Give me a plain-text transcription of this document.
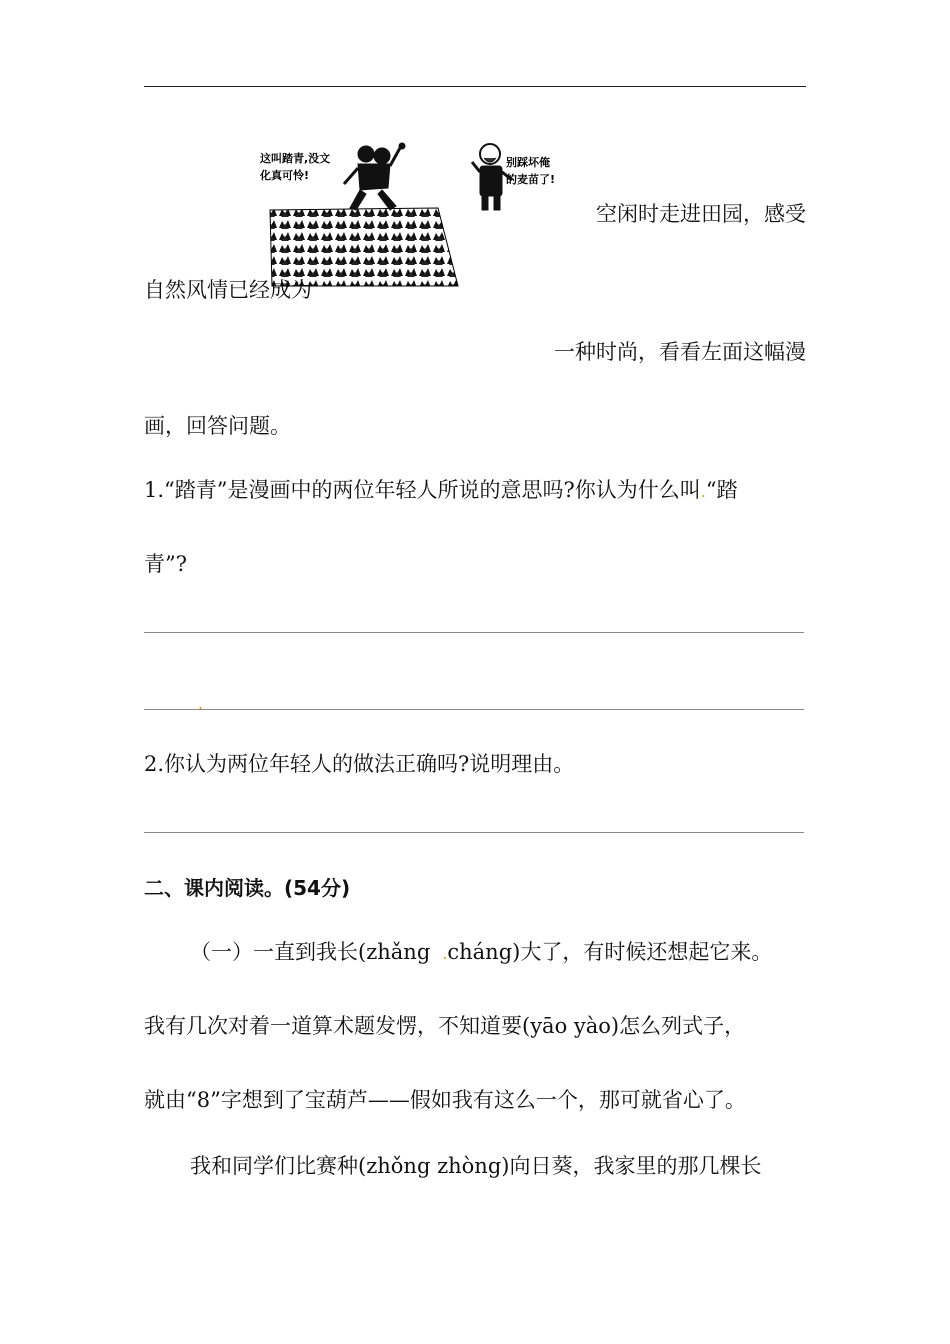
这叫踏青,没文
化真可怜!
别踩坏俺
的麦苗了!
空闲时走进田园，感受
自然风情已经成为
一种时尚，看看左面这幅漫
画，回答问题。
1.“踏青”是漫画中的两位年轻人所说的意思吗?你认为什么叫.“踏
青”?
.
2.你认为两位年轻人的做法正确吗?说明理由。
二、课内阅读。(54分)
（一）一直到我长(zhǎng .cháng)大了，有时候还想起它来。
我有几次对着一道算术题发愣，不知道要(yāo yào)怎么列式子，
就由“8”字想到了宝葫芦——假如我有这么一个，那可就省心了。
我和同学们比赛种(zhǒng zhòng)向日葵，我家里的那几棵长
